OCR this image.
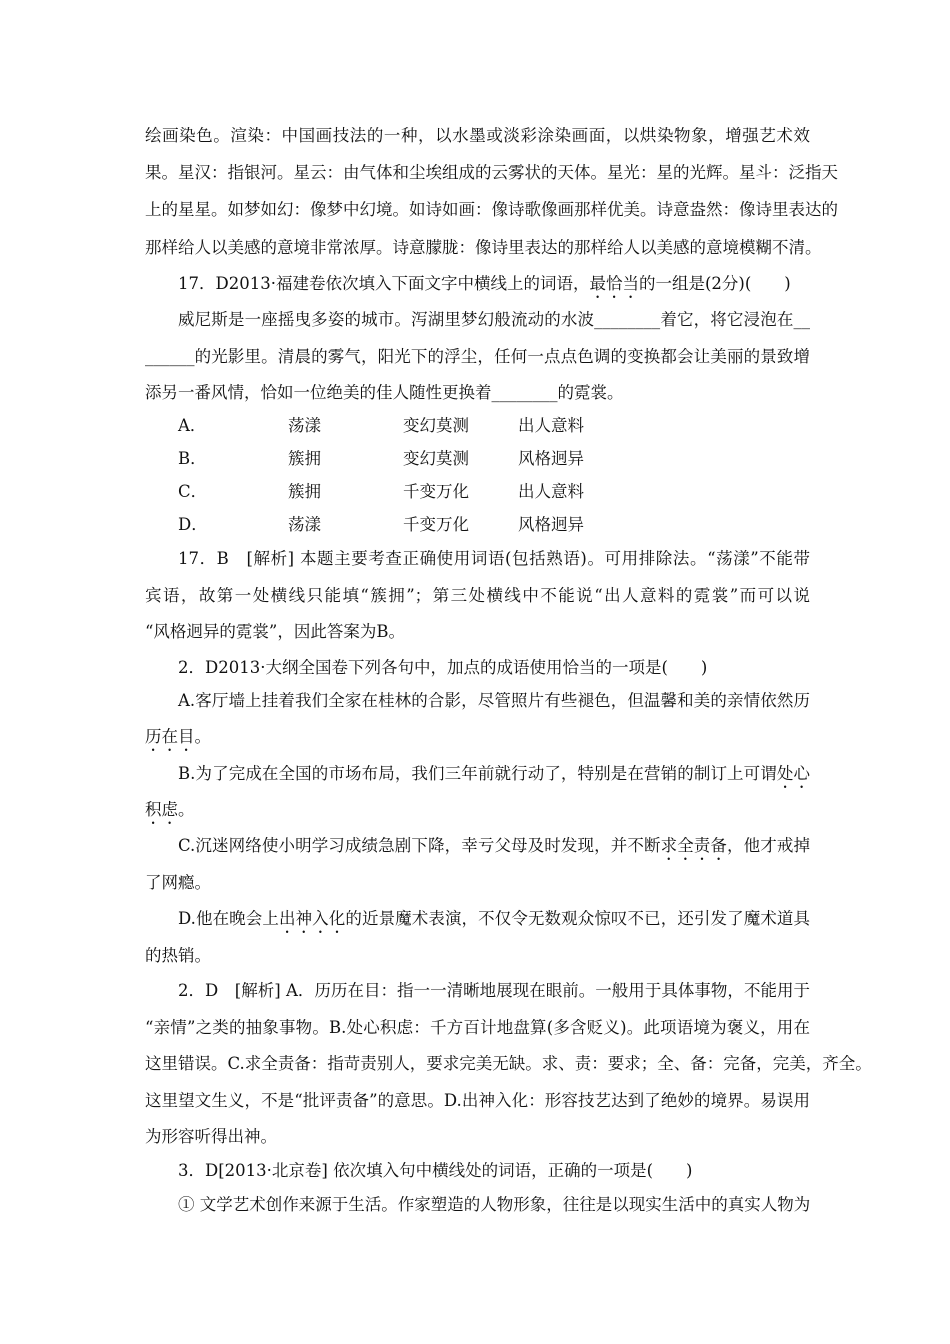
绘画染色。渲染：中国画技法的一种，以水墨或淡彩涂染画面，以烘染物象，增强艺术效
果。星汉：指银河。星云：由气体和尘埃组成的云雾状的天体。星光：星的光辉。星斗：泛指天
上的星星。如梦如幻：像梦中幻境。如诗如画：像诗歌像画那样优美。诗意盎然：像诗里表达的
那样给人以美感的意境非常浓厚。诗意朦胧：像诗里表达的那样给人以美感的意境模糊不清。
17．D2013·福建卷依次填入下面文字中横线上的词语，最恰当的一组是(2分)(　　)
威尼斯是一座摇曳多姿的城市。泻湖里梦幻般流动的水波________着它，将它浸泡在__
______的光影里。清晨的雾气，阳光下的浮尘，任何一点点色调的变换都会让美丽的景致增
添另一番风情，恰如一位绝美的佳人随性更换着________的霓裳。
A．	荡漾	变幻莫测	出人意料
B．	簇拥	变幻莫测	风格迥异
C．	簇拥	千变万化	出人意料
D．	荡漾	千变万化	风格迥异
17．B　[解析] 本题主要考查正确使用词语(包括熟语)。可用排除法。“荡漾”不能带
宾语，故第一处横线只能填“簇拥”；第三处横线中不能说“出人意料的霓裳”而可以说
“风格迥异的霓裳”，因此答案为B。
2．D2013·大纲全国卷下列各句中，加点的成语使用恰当的一项是(　　)
A.客厅墙上挂着我们全家在桂林的合影，尽管照片有些褪色，但温馨和美的亲情依然历
历在目。
B.为了完成在全国的市场布局，我们三年前就行动了，特别是在营销的制订上可谓处心
积虑。
C.沉迷网络使小明学习成绩急剧下降，幸亏父母及时发现，并不断求全责备，他才戒掉
了网瘾。
D.他在晚会上出神入化的近景魔术表演，不仅令无数观众惊叹不已，还引发了魔术道具
的热销。
2．D　[解析] A．历历在目：指一一清晰地展现在眼前。一般用于具体事物，不能用于
“亲情”之类的抽象事物。B.处心积虑：千方百计地盘算(多含贬义)。此项语境为褒义，用在
这里错误。C.求全责备：指苛责别人，要求完美无缺。求、责：要求；全、备：完备，完美，齐全。
这里望文生义，不是“批评责备”的意思。D.出神入化：形容技艺达到了绝妙的境界。易误用
为形容听得出神。
3．D[2013·北京卷] 依次填入句中横线处的词语，正确的一项是(　　)
① 文学艺术创作来源于生活。作家塑造的人物形象，往往是以现实生活中的真实人物为
